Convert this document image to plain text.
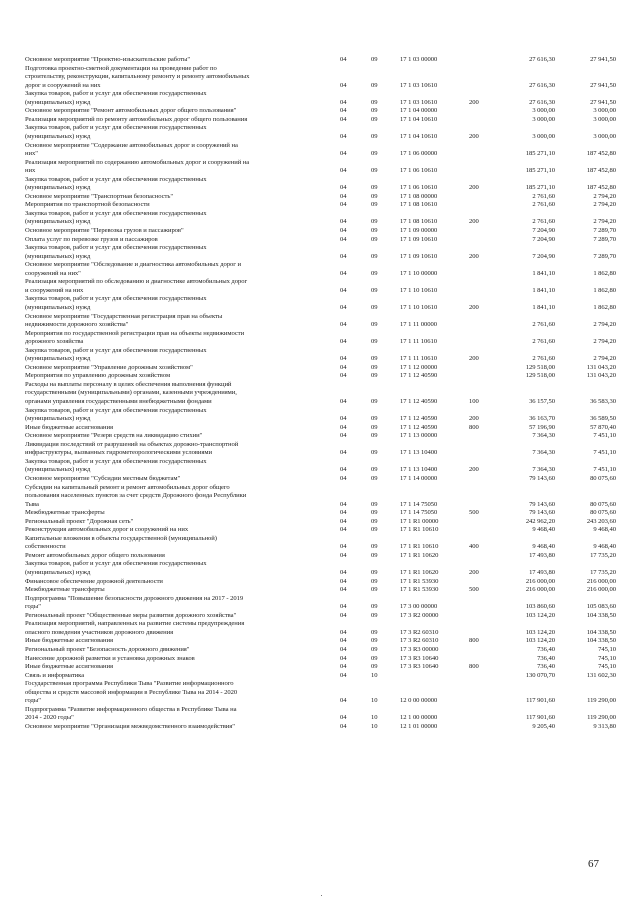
Основное мероприятие "Проектно-изыскательские работы"	04	09	17 1 03 00000	27 616,30	27 941,50
Подготовка проектно-сметной документации на проведение работ по
строительству, реконструкции, капитальному ремонту и ремонту автомобильных
дорог и сооружений на них	04	09	17 1 03 10610	27 616,30	27 941,50
Закупка товаров, работ и услуг для обеспечения государственных
(муниципальных) нужд	04	09	17 1 03 10610	200	27 616,30	27 941,50
Основное мероприятие "Ремонт автомобильных дорог общего пользования"	04	09	17 1 04 00000	3 000,00	3 000,00
Реализация мероприятий по ремонту автомобильных дорог общего пользования	04	09	17 1 04 10610	3 000,00	3 000,00
Закупка товаров, работ и услуг для обеспечения государственных
(муниципальных) нужд	04	09	17 1 04 10610	200	3 000,00	3 000,00
Основное мероприятие "Содержание автомобильных дорог и сооружений на
них"	04	09	17 1 06 00000	185 271,10	187 452,80
Реализация мероприятий по содержанию автомобильных дорог и сооружений на
них	04	09	17 1 06 10610	185 271,10	187 452,80
Закупка товаров, работ и услуг для обеспечения государственных
(муниципальных) нужд	04	09	17 1 06 10610	200	185 271,10	187 452,80
Основное мероприятие "Транспортная безопасность"	04	09	17 1 08 00000	2 761,60	2 794,20
Мероприятия по транспортной безопасности	04	09	17 1 08 10610	2 761,60	2 794,20
Закупка товаров, работ и услуг для обеспечения государственных
(муниципальных) нужд	04	09	17 1 08 10610	200	2 761,60	2 794,20
Основное мероприятие "Перевозка грузов и пассажиров"	04	09	17 1 09 00000	7 204,90	7 289,70
Оплата услуг по перевозке грузов и пассажиров	04	09	17 1 09 10610	7 204,90	7 289,70
Закупка товаров, работ и услуг для обеспечения государственных
(муниципальных) нужд	04	09	17 1 09 10610	200	7 204,90	7 289,70
Основное мероприятие "Обследование и диагностика автомобильных дорог и
сооружений на них"	04	09	17 1 10 00000	1 841,10	1 862,80
Реализация мероприятий по обследованию и диагностике автомобильных дорог
и сооружений на них	04	09	17 1 10 10610	1 841,10	1 862,80
Закупка товаров, работ и услуг для обеспечения государственных
(муниципальных) нужд	04	09	17 1 10 10610	200	1 841,10	1 862,80
Основное мероприятие "Государственная регистрация прав на объекты
недвижимости дорожного хозяйства"	04	09	17 1 11 00000	2 761,60	2 794,20
Мероприятия по государственной регистрации прав на объекты недвижимости
дорожного хозяйства	04	09	17 1 11 10610	2 761,60	2 794,20
Закупка товаров, работ и услуг для обеспечения государственных
(муниципальных) нужд	04	09	17 1 11 10610	200	2 761,60	2 794,20
Основное мероприятие "Управление дорожным хозяйством"	04	09	17 1 12 00000	129 518,00	131 043,20
Мероприятия по управлению дорожным хозяйством	04	09	17 1 12 40590	129 518,00	131 043,20
Расходы на выплаты персоналу в целях обеспечения выполнения функций
государственными (муниципальными) органами, казенными учреждениями,
органами управления государственными внебюджетными фондами	04	09	17 1 12 40590	100	36 157,50	36 583,30
Закупка товаров, работ и услуг для обеспечения государственных
(муниципальных) нужд	04	09	17 1 12 40590	200	36 163,70	36 589,50
Иные бюджетные ассигнования	04	09	17 1 12 40590	800	57 196,90	57 870,40
Основное мероприятие "Резерв средств на ликвидацию стихии"	04	09	17 1 13 00000	7 364,30	7 451,10
Ликвидация последствий от разрушений на объектах дорожно-транспортной
инфраструктуры, вызванных гидрометеорологическими условиями	04	09	17 1 13 10400	7 364,30	7 451,10
Закупка товаров, работ и услуг для обеспечения государственных
(муниципальных) нужд	04	09	17 1 13 10400	200	7 364,30	7 451,10
Основное мероприятие "Субсидии местным бюджетам"	04	09	17 1 14 00000	79 143,60	80 075,60
Субсидии на капитальный ремонт и ремонт автомобильных дорог общего
пользования населенных пунктов за счет средств Дорожного фонда Республики
Тыва	04	09	17 1 14 75050	79 143,60	80 075,60
Межбюджетные трансферты	04	09	17 1 14 75050	500	79 143,60	80 075,60
Региональный проект "Дорожная сеть"	04	09	17 1 R1 00000	242 962,20	243 203,60
Реконструкция автомобильных дорог и сооружений на них	04	09	17 1 R1 10610	9 468,40	9 468,40
Капитальные вложения в объекты государственной (муниципальной)
собственности	04	09	17 1 R1 10610	400	9 468,40	9 468,40
Ремонт автомобильных дорог общего пользования	04	09	17 1 R1 10620	17 493,80	17 735,20
Закупка товаров, работ и услуг для обеспечения государственных
(муниципальных) нужд	04	09	17 1 R1 10620	200	17 493,80	17 735,20
Финансовое обеспечение дорожной деятельности	04	09	17 1 R1 53930	216 000,00	216 000,00
Межбюджетные трансферты	04	09	17 1 R1 53930	500	216 000,00	216 000,00
Подпрограмма "Повышение безопасности дорожного движения на 2017 - 2019
годы"	04	09	17 3 00 00000	103 860,60	105 083,60
Региональный проект "Общественные меры развития дорожного хозяйства"	04	09	17 3 R2 00000	103 124,20	104 338,50
Реализация мероприятий, направленных на развитие системы предупреждения
опасного поведения участников дорожного движения	04	09	17 3 R2 60310	103 124,20	104 338,50
Иные бюджетные ассигнования	04	09	17 3 R2 60310	800	103 124,20	104 338,50
Региональный проект "Безопасность дорожного движения"	04	09	17 3 R3 00000	736,40	745,10
Нанесение дорожной разметки и установка дорожных знаков	04	09	17 3 R3 10640	736,40	745,10
Иные бюджетные ассигнования	04	09	17 3 R3 10640	800	736,40	745,10
Связь и информатика	04	10	130 070,70	131 602,30
Государственная программа Республики Тыва "Развитие информационного
общества и средств массовой информации в Республике Тыва на 2014 - 2020
годы"	04	10	12 0 00 00000	117 901,60	119 290,00
Подпрограмма "Развитие информационного общества в Республике Тыва на
2014 - 2020 годы"	04	10	12 1 00 00000	117 901,60	119 290,00
Основное мероприятие "Организация межведомственного взаимодействия"	04	10	12 1 01 00000	9 205,40	9 313,80
67
